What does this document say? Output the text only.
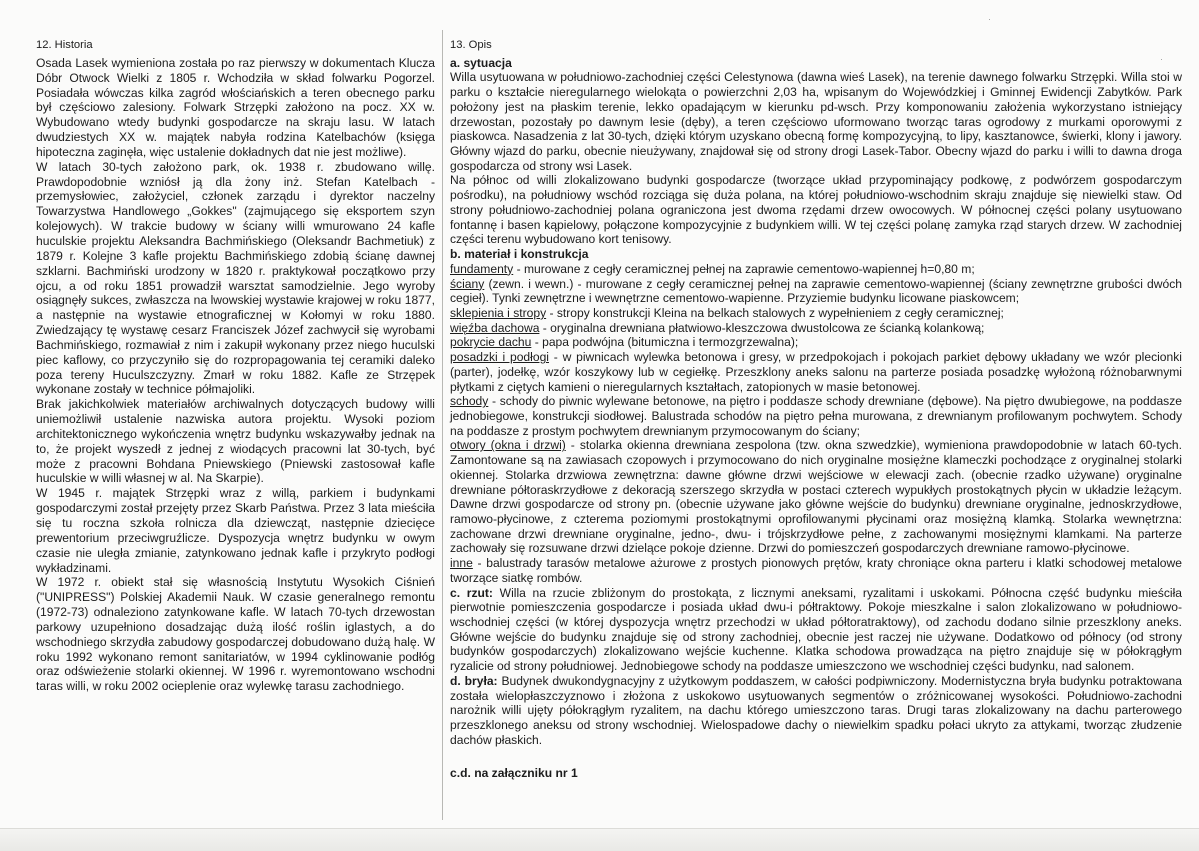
12. Historia

Osada Lasek wymieniona została po raz pierwszy w dokumentach Klucza Dóbr Otwock Wielki z 1805 r. Wchodziła w skład folwarku Pogorzel. Posiadała wówczas kilka zagród włościańskich a teren obecnego parku był częściowo zalesiony. Folwark Strzępki założono na pocz. XX w. Wybudowano wtedy budynki gospodarcze na skraju lasu. W latach dwudziestych XX w. majątek nabyła rodzina Katelbachów (księga hipoteczna zaginęła, więc ustalenie dokładnych dat nie jest możliwe).

W latach 30-tych założono park, ok. 1938 r. zbudowano willę. Prawdopodobnie wzniósł ją dla żony inż. Stefan Katelbach - przemysłowiec, założyciel, członek zarządu i dyrektor naczelny Towarzystwa Handlowego „Gokkes" (zajmującego się eksportem szyn kolejowych). W trakcie budowy w ściany willi wmurowano 24 kafle huculskie projektu Aleksandra Bachmińskiego (Oleksandr Bachmetiuk) z 1879 r. Kolejne 3 kafle projektu Bachmińskiego zdobią ścianę dawnej szklarni. Bachmiński urodzony w 1820 r. praktykował początkowo przy ojcu, a od roku 1851 prowadził warsztat samodzielnie. Jego wyroby osiągnęły sukces, zwłaszcza na lwowskiej wystawie krajowej w roku 1877, a następnie na wystawie etnograficznej w Kołomyi w roku 1880. Zwiedzający tę wystawę cesarz Franciszek Józef zachwycił się wyrobami Bachmińskiego, rozmawiał z nim i zakupił wykonany przez niego huculski piec kaflowy, co przyczyniło się do rozpropagowania tej ceramiki daleko poza tereny Huculszczyzny. Zmarł w roku 1882. Kafle ze Strzępek wykonane zostały w technice półmajoliki.

Brak jakichkolwiek materiałów archiwalnych dotyczących budowy willi uniemożliwił ustalenie nazwiska autora projektu. Wysoki poziom architektonicznego wykończenia wnętrz budynku wskazywałby jednak na to, że projekt wyszedł z jednej z wiodących pracowni lat 30-tych, być może z pracowni Bohdana Pniewskiego (Pniewski zastosował kafle huculskie w willi własnej w al. Na Skarpie).

W 1945 r. majątek Strzępki wraz z willą, parkiem i budynkami gospodarczymi został przejęty przez Skarb Państwa. Przez 3 lata mieściła się tu roczna szkoła rolnicza dla dziewcząt, następnie dziecięce prewentorium przeciwgruźlicze. Dyspozycja wnętrz budynku w owym czasie nie uległa zmianie, zatynkowano jednak kafle i przykryto podłogi wykładzinami.

W 1972 r. obiekt stał się własnością Instytutu Wysokich Ciśnień ("UNIPRESS") Polskiej Akademii Nauk. W czasie generalnego remontu (1972-73) odnaleziono zatynkowane kafle. W latach 70-tych drzewostan parkowy uzupełniono dosadzając dużą ilość roślin iglastych, a do wschodniego skrzydła zabudowy gospodarczej dobudowano dużą halę. W roku 1992 wykonano remont sanitariatów, w 1994 cyklinowanie podłóg oraz odświeżenie stolarki okiennej. W 1996 r. wyremontowano wschodni taras willi, w roku 2002 ocieplenie oraz wylewkę tarasu zachodniego.

13. Opis
a. sytuacja

Willa usytuowana w południowo-zachodniej części Celestynowa (dawna wieś Lasek), na terenie dawnego folwarku Strzępki. Willa stoi w parku o kształcie nieregularnego wielokąta o powierzchni 2,03 ha, wpisanym do Wojewódzkiej i Gminnej Ewidencji Zabytków. Park położony jest na płaskim terenie, lekko opadającym w kierunku pd-wsch. Przy komponowaniu założenia wykorzystano istniejący drzewostan, pozostały po dawnym lesie (dęby), a teren częściowo uformowano tworząc taras ogrodowy z murkami oporowymi z piaskowca. Nasadzenia z lat 30-tych, dzięki którym uzyskano obecną formę kompozycyjną, to lipy, kasztanowce, świerki, klony i jawory. Główny wjazd do parku, obecnie nieużywany, znajdował się od strony drogi Lasek-Tabor. Obecny wjazd do parku i willi to dawna droga gospodarcza od strony wsi Lasek.

Na północ od willi zlokalizowano budynki gospodarcze (tworzące układ przypominający podkowę, z podwórzem gospodarczym pośrodku), na południowy wschód rozciąga się duża polana, na której południowo-wschodnim skraju znajduje się niewielki staw. Od strony południowo-zachodniej polana ograniczona jest dwoma rzędami drzew owocowych. W północnej części polany usytuowano fontannę i basen kąpielowy, połączone kompozycyjnie z budynkiem willi. W tej części polanę zamyka rząd starych drzew. W zachodniej części terenu wybudowano kort tenisowy.

b. materiał i konstrukcja

fundamenty - murowane z cegły ceramicznej pełnej na zaprawie cementowo-wapiennej h=0,80 m;

ściany (zewn. i wewn.) - murowane z cegły ceramicznej pełnej na zaprawie cementowo-wapiennej (ściany zewnętrzne grubości dwóch cegieł). Tynki zewnętrzne i wewnętrzne cementowo-wapienne. Przyziemie budynku licowane piaskowcem;

sklepienia i stropy - stropy konstrukcji Kleina na belkach stalowych z wypełnieniem z cegły ceramicznej;

więźba dachowa - oryginalna drewniana płatwiowo-kleszczowa dwustolcowa ze ścianką kolankową;

pokrycie dachu - papa podwójna (bitumiczna i termozgrzewalna);

posadzki i podłogi - w piwnicach wylewka betonowa i gresy, w przedpokojach i pokojach parkiet dębowy układany we wzór plecionki (parter), jodełkę, wzór koszykowy lub w cegiełkę. Przeszklony aneks salonu na parterze posiada posadzkę wyłożoną różnobarwnymi płytkami z ciętych kamieni o nieregularnych kształtach, zatopionych w masie betonowej.

schody - schody do piwnic wylewane betonowe, na piętro i poddasze schody drewniane (dębowe). Na piętro dwubiegowe, na poddasze jednobiegowe, konstrukcji siodłowej. Balustrada schodów na piętro pełna murowana, z drewnianym profilowanym pochwytem. Schody na poddasze z prostym pochwytem drewnianym przymocowanym do ściany;

otwory (okna i drzwi) - stolarka okienna drewniana zespolona (tzw. okna szwedzkie), wymieniona prawdopodobnie w latach 60-tych. Zamontowane są na zawiasach czopowych i przymocowano do nich oryginalne mosiężne klameczki pochodzące z oryginalnej stolarki okiennej. Stolarka drzwiowa zewnętrzna: dawne główne drzwi wejściowe w elewacji zach. (obecnie rzadko używane) oryginalne drewniane półtoraskrzydłowe z dekoracją szerszego skrzydła w postaci czterech wypukłych prostokątnych płycin w układzie leżącym. Dawne drzwi gospodarcze od strony pn. (obecnie używane jako główne wejście do budynku) drewniane oryginalne, jednoskrzydłowe, ramowo-płycinowe, z czterema poziomymi prostokątnymi oprofilowanymi płycinami oraz mosiężną klamką. Stolarka wewnętrzna: zachowane drzwi drewniane oryginalne, jedno-, dwu- i trójskrzydłowe pełne, z zachowanymi mosiężnymi klamkami. Na parterze zachowały się rozsuwane drzwi dzielące pokoje dzienne. Drzwi do pomieszczeń gospodarczych drewniane ramowo-płycinowe.

inne - balustrady tarasów metalowe ażurowe z prostych pionowych prętów, kraty chroniące okna parteru i klatki schodowej metalowe tworzące siatkę rombów.

c. rzut: Willa na rzucie zbliżonym do prostokąta, z licznymi aneksami, ryzalitami i uskokami. Północna część budynku mieściła pierwotnie pomieszczenia gospodarcze i posiada układ dwu-i półtraktowy. Pokoje mieszkalne i salon zlokalizowano w południowo-wschodniej części (w której dyspozycja wnętrz przechodzi w układ półtoratraktowy), od zachodu dodano silnie przeszklony aneks. Główne wejście do budynku znajduje się od strony zachodniej, obecnie jest raczej nie używane. Dodatkowo od północy (od strony budynków gospodarczych) zlokalizowano wejście kuchenne. Klatka schodowa prowadząca na piętro znajduje się w półokrągłym ryzalicie od strony południowej. Jednobiegowe schody na poddasze umieszczono we wschodniej części budynku, nad salonem.

d. bryła: Budynek dwukondygnacyjny z użytkowym poddaszem, w całości podpiwniczony. Modernistyczna bryła budynku potraktowana została wielopłaszczyznowo i złożona z uskokowo usytuowanych segmentów o zróżnicowanej wysokości. Południowo-zachodni narożnik willi ujęty półokrągłym ryzalitem, na dachu którego umieszczono taras. Drugi taras zlokalizowany na dachu parterowego przeszklonego aneksu od strony wschodniej. Wielospadowe dachy o niewielkim spadku połaci ukryto za attykami, tworząc złudzenie dachów płaskich.

c.d. na załączniku nr 1
·
·
